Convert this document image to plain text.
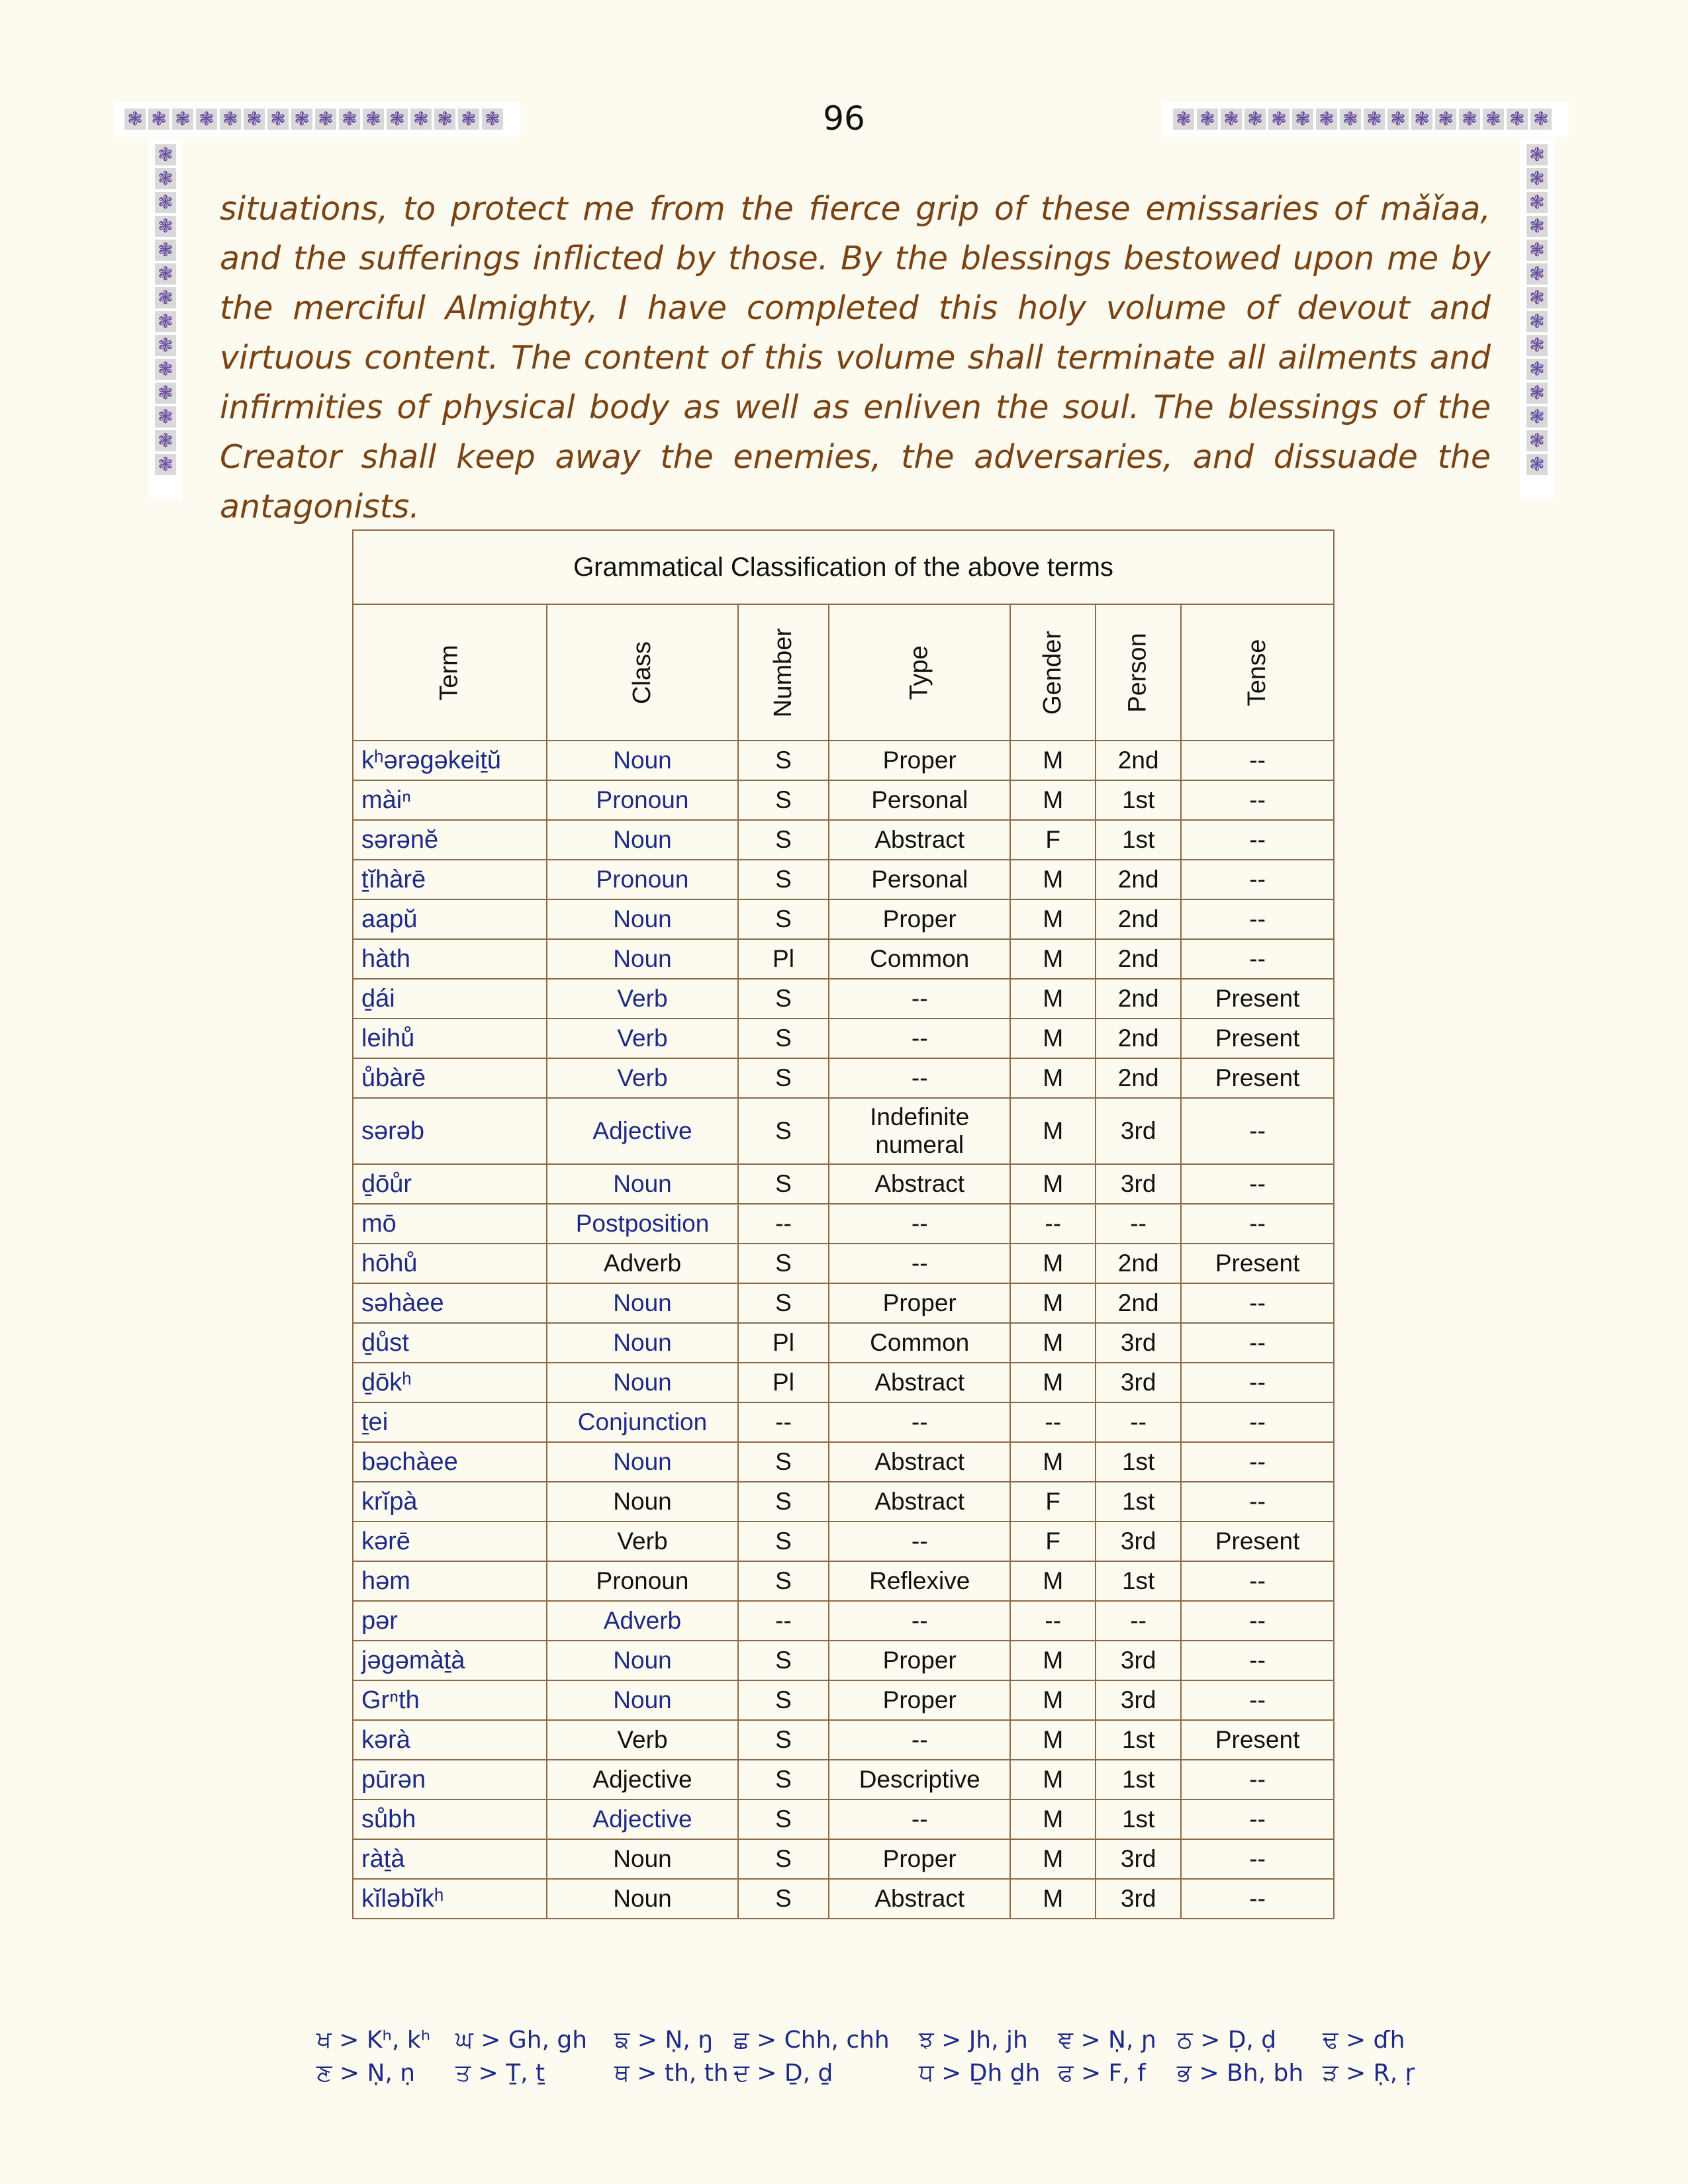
96
❃ ❃ ❃ ❃ ❃ ❃ ❃ ❃ ❃ ❃ ❃ ❃ ❃ ❃ ❃ ❃	❃ ❃ ❃ ❃ ❃ ❃ ❃ ❃ ❃ ❃ ❃ ❃ ❃ ❃ ❃ ❃
❃
❃
❃
❃
❃
❃
❃
❃
❃
❃
❃
❃
❃
❃
❃
❃
❃
❃
❃
❃
❃
❃
❃
❃
❃
❃
❃
❃
situations, to protect me from the fierce grip of these emissaries of mǎǐaa, and the sufferings inflicted by those. By the blessings bestowed upon me by the merciful Almighty, I have completed this holy volume of devout and virtuous content. The content of this volume shall terminate all ailments and infirmities of physical body as well as enliven the soul. The blessings of the Creator shall keep away the enemies, the adversaries, and dissuade the antagonists.
Grammatical Classification of the above terms						
Term	Class	Number	Type	Gender	Person	Tense
kʰərəgəkeiṯŭ	Noun	S	Proper	M	2nd	--
màiⁿ	Pronoun	S	Personal	M	1st	--
sərənĕ	Noun	S	Abstract	F	1st	--
ṯĭhàrē	Pronoun	S	Personal	M	2nd	--
aapŭ	Noun	S	Proper	M	2nd	--
hàth	Noun	Pl	Common	M	2nd	--
ḏái	Verb	S	--	M	2nd	Present
leihů	Verb	S	--	M	2nd	Present
ůbàrē	Verb	S	--	M	2nd	Present
sərəb	Adjective	S	Indefinite numeral	M	3rd	--
ḏōůr	Noun	S	Abstract	M	3rd	--
mō	Postposition	--	--	--	--	--
hōhů	Adverb	S	--	M	2nd	Present
səhàee	Noun	S	Proper	M	2nd	--
ḏůst	Noun	Pl	Common	M	3rd	--
ḏōkʰ	Noun	Pl	Abstract	M	3rd	--
ṯei	Conjunction	--	--	--	--	--
bəchàee	Noun	S	Abstract	M	1st	--
krĭpà	Noun	S	Abstract	F	1st	--
kərē	Verb	S	--	F	3rd	Present
həm	Pronoun	S	Reflexive	M	1st	--
pər	Adverb	--	--	--	--	--
jəgəmàṯà	Noun	S	Proper	M	3rd	--
Grⁿth	Noun	S	Proper	M	3rd	--
kərà	Verb	S	--	M	1st	Present
pūrən	Adjective	S	Descriptive	M	1st	--
sůbh	Adjective	S	--	M	1st	--
ràṯà	Noun	S	Proper	M	3rd	--
kĭləbĭkʰ	Noun	S	Abstract	M	3rd	--
ਖ > Kʰ, kʰ	ਘ > Gh, gh	ਙ > Ṇ, ŋ ਛ > Chh, chh	ਝ > Jh, jh	ਞ > Ṇ, ɲ ਠ > Ḍ, ḍ	ਢ > ɗh
ਣ > Ṇ, ṇ	ਤ > Ṯ, ṯ	ਥ > th, th ਦ > Ḏ, ḏ	ਧ > Ḏh ḏh ਫ > F, f	ਭ > Bh, bh ੜ > Ṛ, ṛ
